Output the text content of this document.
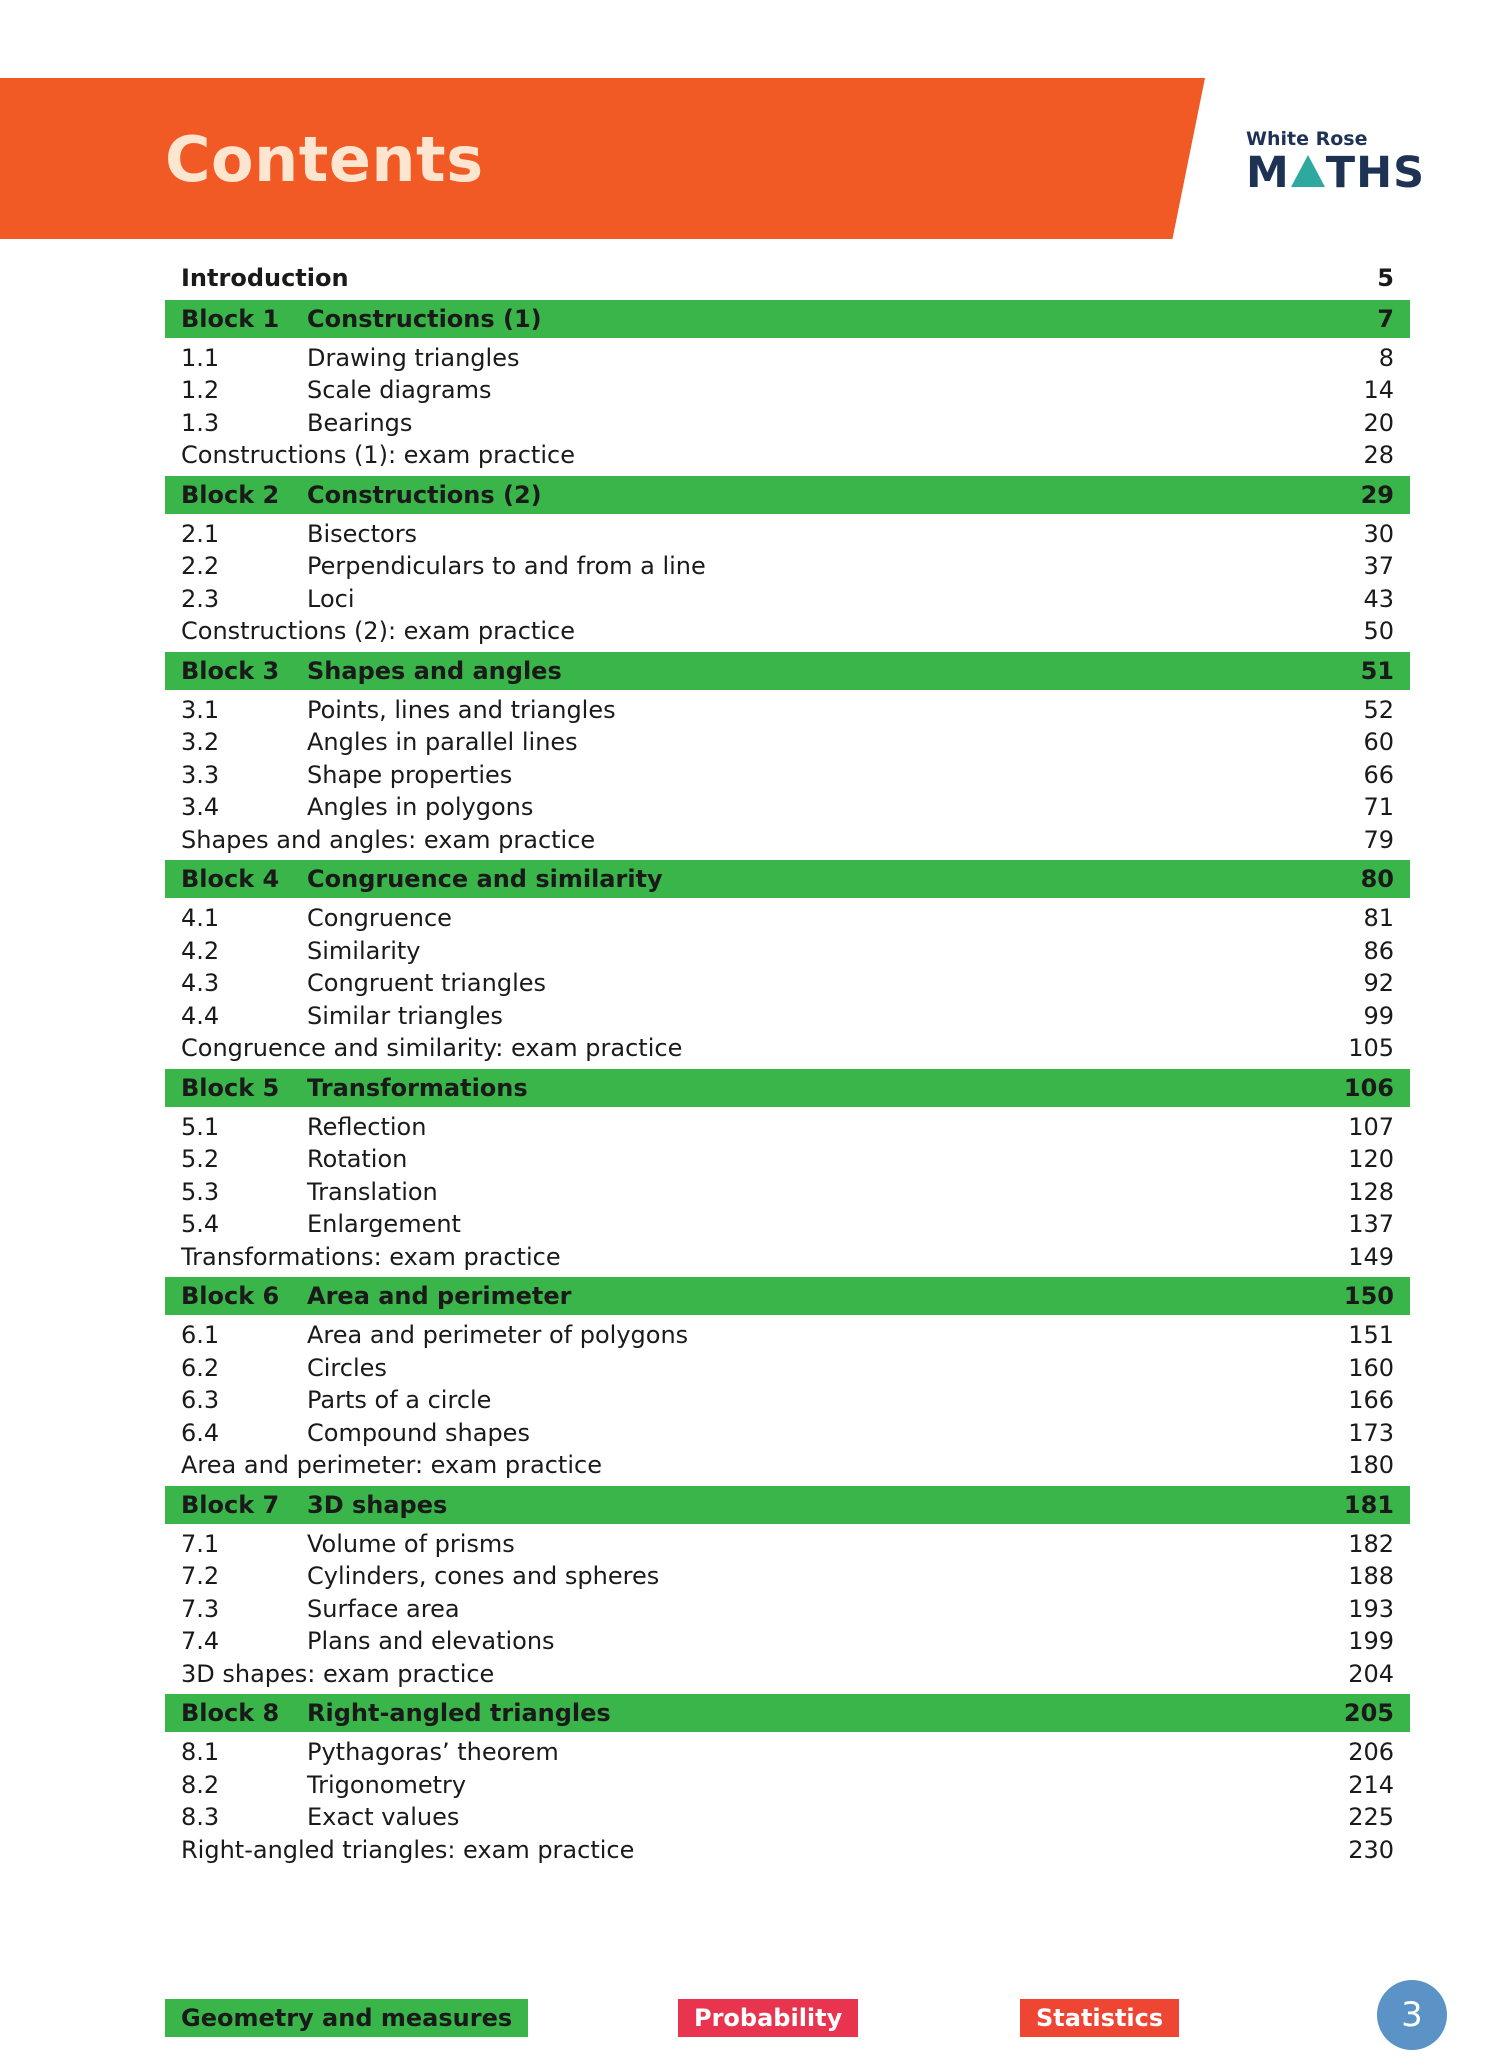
Contents	White Rose
M THS
Introduction	5
Block 1 Constructions (1)	7
1.1	Drawing triangles	8
1.2	Scale diagrams	14
1.3	Bearings	20
Constructions (1): exam practice	28
Block 2 Constructions (2)	29
2.1	Bisectors	30
2.2	Perpendiculars to and from a line	37
2.3	Loci	43
Constructions (2): exam practice	50
Block 3 Shapes and angles	51
3.1	Points, lines and triangles	52
3.2	Angles in parallel lines	60
3.3	Shape properties	66
3.4	Angles in polygons	71
Shapes and angles: exam practice	79
Block 4 Congruence and similarity	80
4.1	Congruence	81
4.2	Similarity	86
4.3	Congruent triangles	92
4.4	Similar triangles	99
Congruence and similarity: exam practice	105
Block 5 Transformations	106
5.1	Reflection	107
5.2	Rotation	120
5.3	Translation	128
5.4	Enlargement	137
Transformations: exam practice	149
Block 6 Area and perimeter	150
6.1	Area and perimeter of polygons	151
6.2	Circles	160
6.3	Parts of a circle	166
6.4	Compound shapes	173
Area and perimeter: exam practice	180
Block 7 3D shapes	181
7.1	Volume of prisms	182
7.2	Cylinders, cones and spheres	188
7.3	Surface area	193
7.4	Plans and elevations	199
3D shapes: exam practice	204
Block 8 Right-angled triangles	205
8.1	Pythagoras’ theorem	206
8.2	Trigonometry	214
8.3	Exact values	225
Right-angled triangles: exam practice	230
Geometry and measures	Probability	Statistics	3
